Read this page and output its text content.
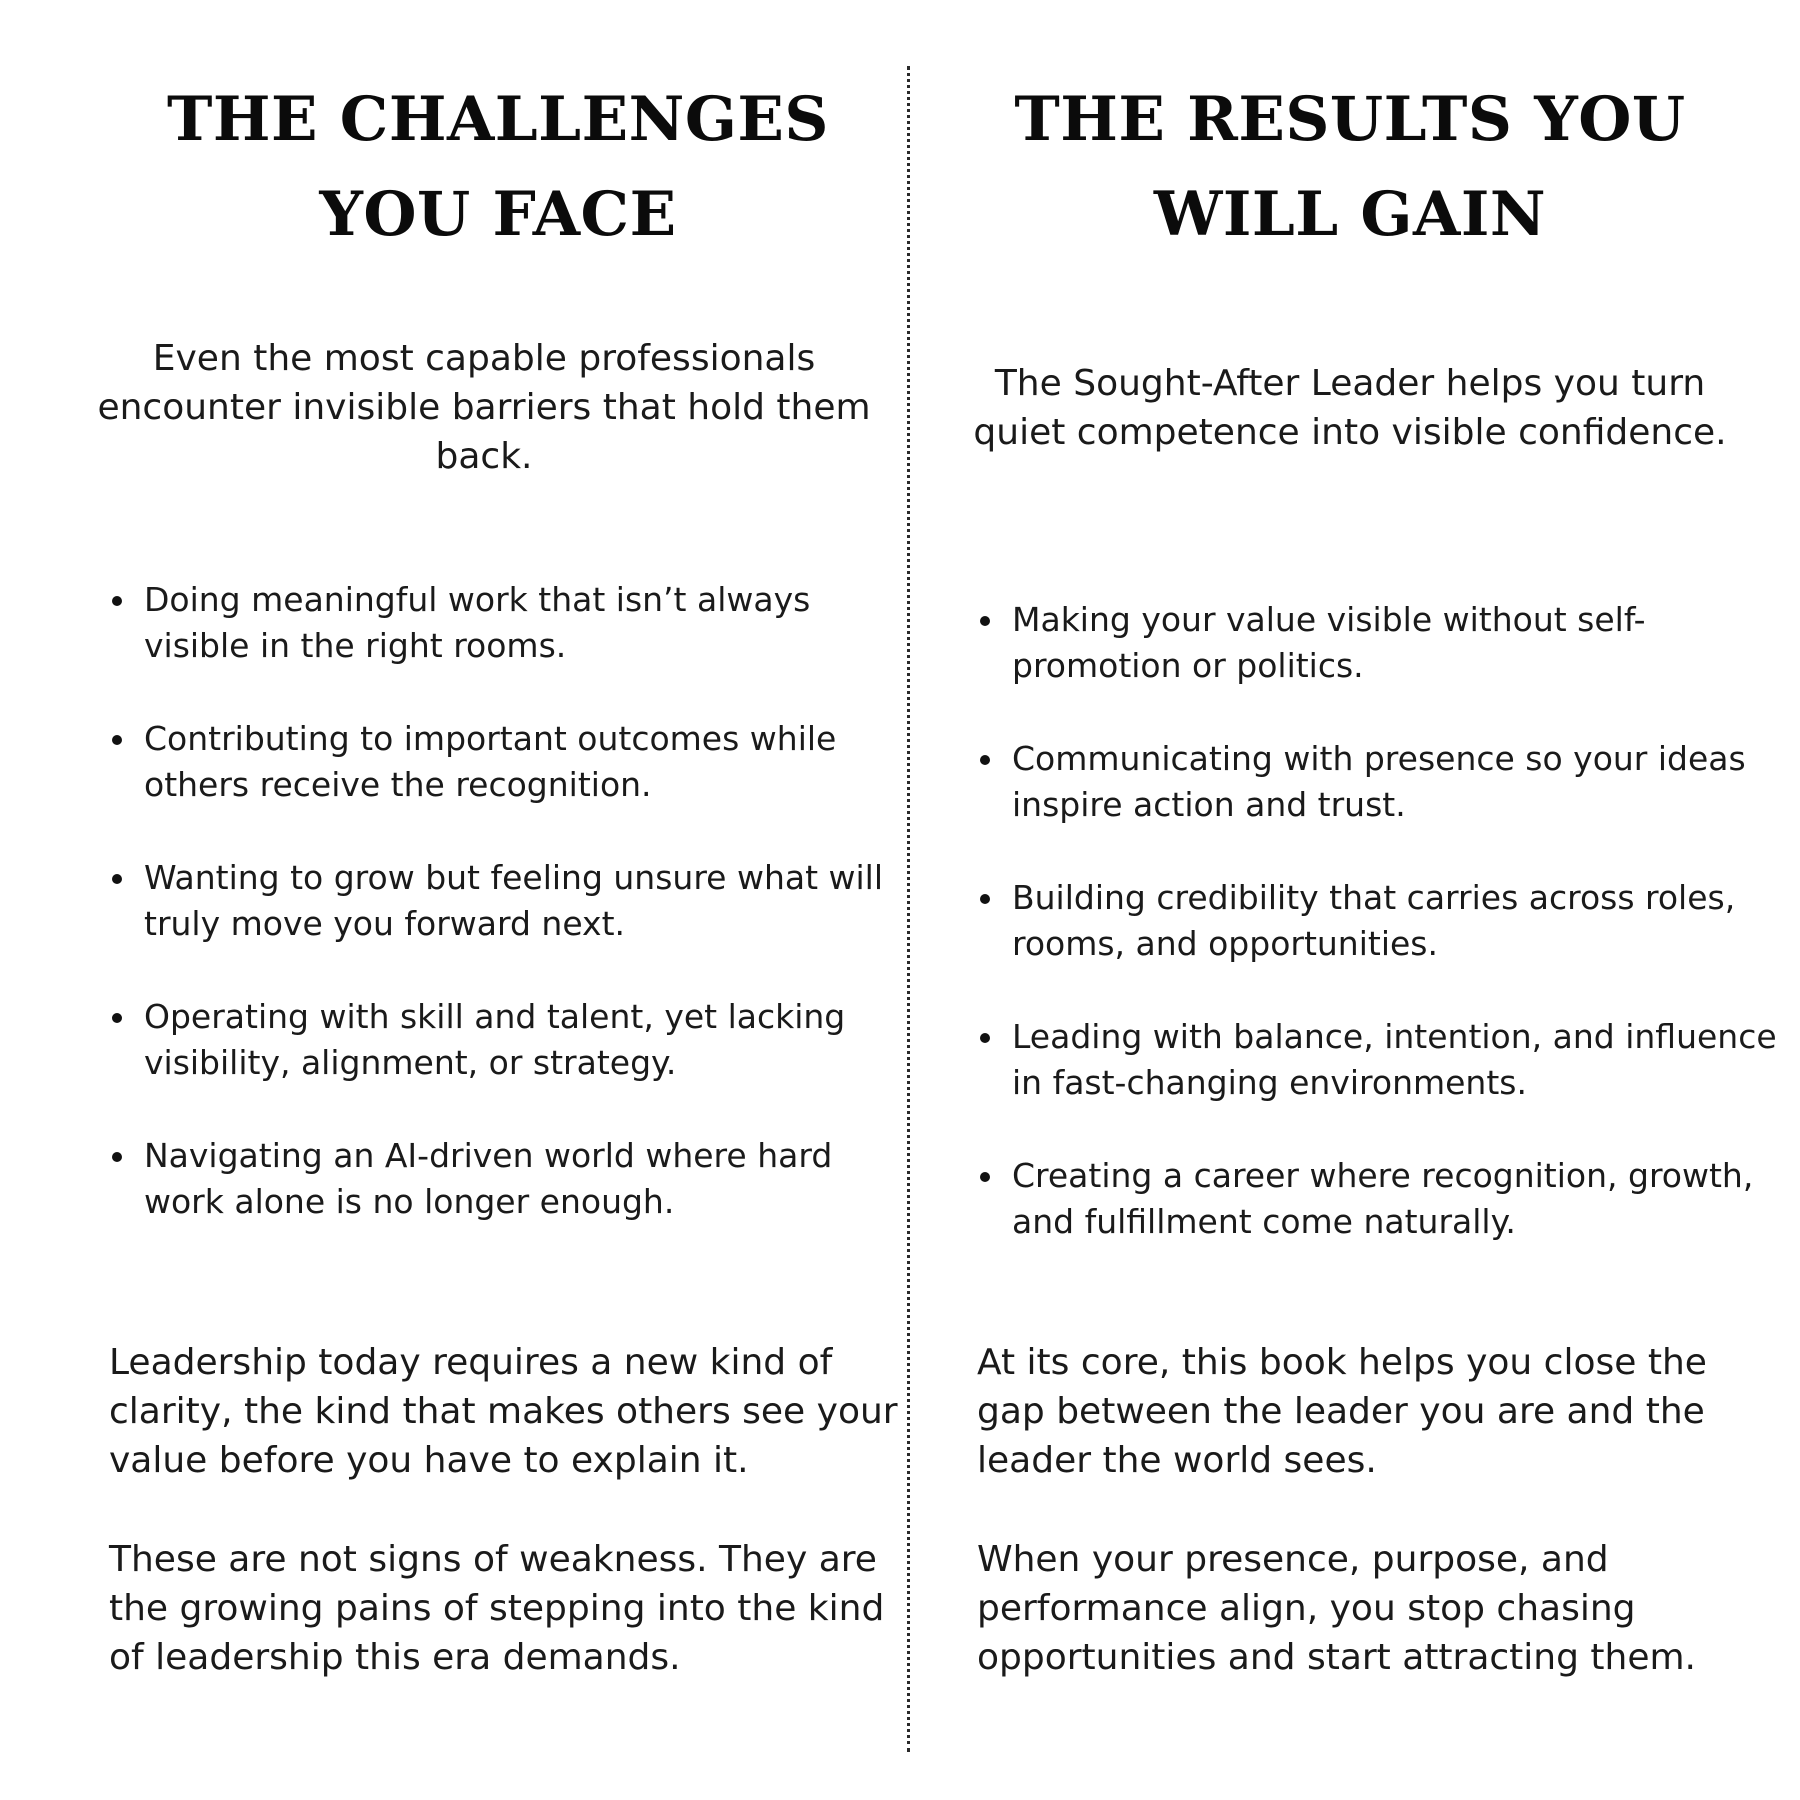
THE CHALLENGES
YOU FACE

Even the most capable professionals encounter invisible barriers that hold them back.

Doing meaningful work that isn’t always visible in the right rooms.
Contributing to important outcomes while others receive the recognition.
Wanting to grow but feeling unsure what will truly move you forward next.
Operating with skill and talent, yet lacking visibility, alignment, or strategy.
Navigating an AI-driven world where hard work alone is no longer enough.

Leadership today requires a new kind of clarity, the kind that makes others see your value before you have to explain it.

These are not signs of weakness. They are the growing pains of stepping into the kind of leadership this era demands.

THE RESULTS YOU
WILL GAIN

The Sought-After Leader helps you turn quiet competence into visible confidence.

Making your value visible without self-promotion or politics.
Communicating with presence so your ideas inspire action and trust.
Building credibility that carries across roles, rooms, and opportunities.
Leading with balance, intention, and influence in fast-changing environments.
Creating a career where recognition, growth, and fulfillment come naturally.

At its core, this book helps you close the gap between the leader you are and the leader the world sees.

When your presence, purpose, and performance align, you stop chasing opportunities and start attracting them.
